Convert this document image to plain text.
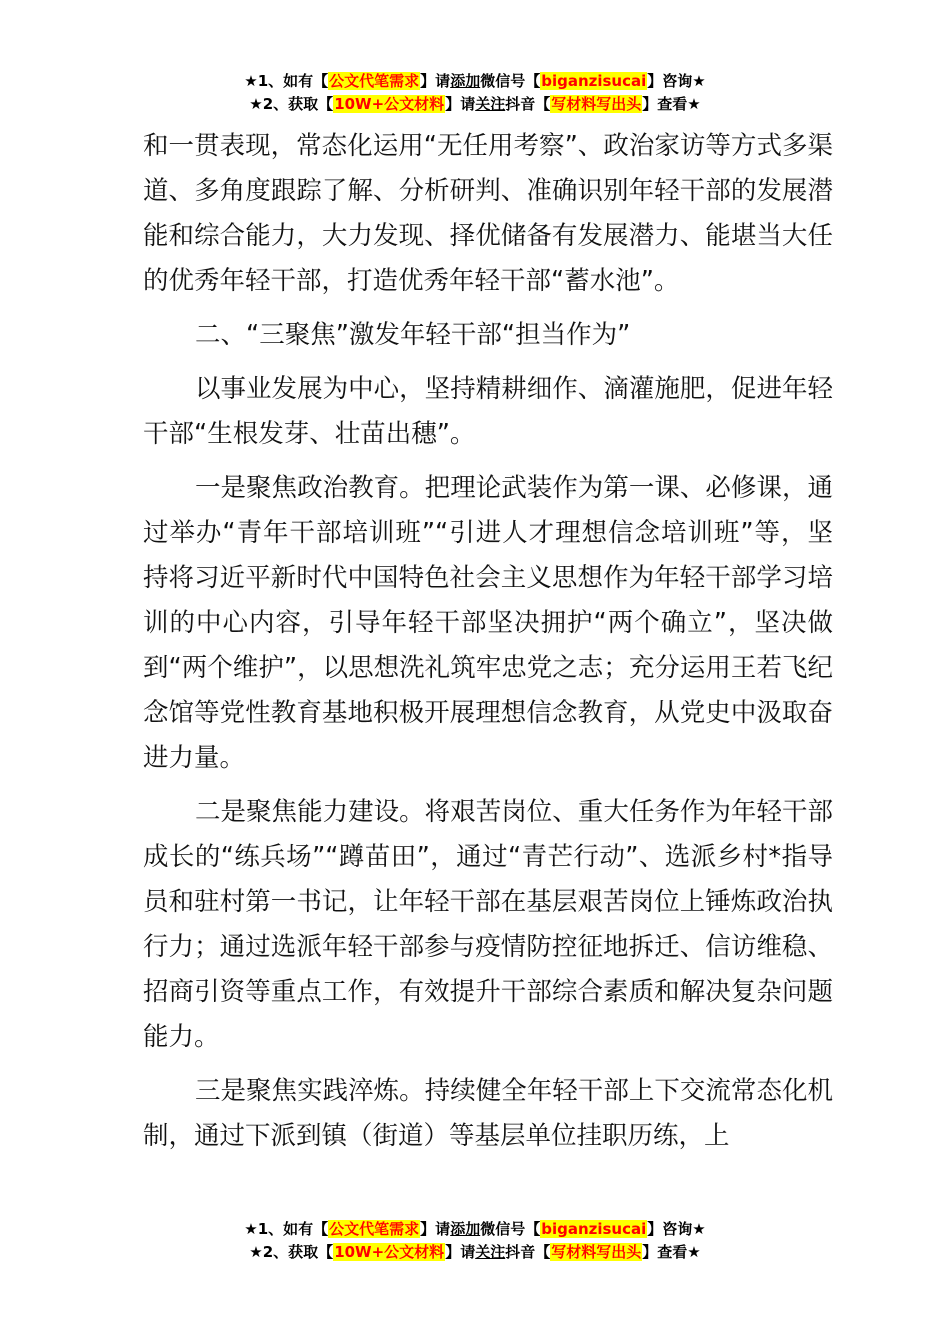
★1、如有【公文代笔需求】请添加微信号【biganzisucai】咨询★
★2、获取【10W+公文材料】请关注抖音【写材料写出头】查看★

和一贯表现，常态化运用“无任用考察”、政治家访等方式多渠道、多角度跟踪了解、分析研判、准确识别年轻干部的发展潜能和综合能力，大力发现、择优储备有发展潜力、能堪当大任的优秀年轻干部，打造优秀年轻干部“蓄水池”。

二、“三聚焦”激发年轻干部“担当作为”

以事业发展为中心，坚持精耕细作、滴灌施肥，促进年轻干部“生根发芽、壮苗出穗”。

一是聚焦政治教育。把理论武装作为第一课、必修课，通过举办“青年干部培训班”“引进人才理想信念培训班”等，坚持将习近平新时代中国特色社会主义思想作为年轻干部学习培训的中心内容，引导年轻干部坚决拥护“两个确立”，坚决做到“两个维护”，以思想洗礼筑牢忠党之志；充分运用王若飞纪念馆等党性教育基地积极开展理想信念教育，从党史中汲取奋进力量。

二是聚焦能力建设。将艰苦岗位、重大任务作为年轻干部成长的“练兵场”“蹲苗田”，通过“青芒行动”、选派乡村*指导员和驻村第一书记，让年轻干部在基层艰苦岗位上锤炼政治执行力；通过选派年轻干部参与疫情防控征地拆迁、信访维稳、招商引资等重点工作，有效提升干部综合素质和解决复杂问题能力。

三是聚焦实践淬炼。持续健全年轻干部上下交流常态化机制，通过下派到镇（街道）等基层单位挂职历练，上

★1、如有【公文代笔需求】请添加微信号【biganzisucai】咨询★
★2、获取【10W+公文材料】请关注抖音【写材料写出头】查看★
